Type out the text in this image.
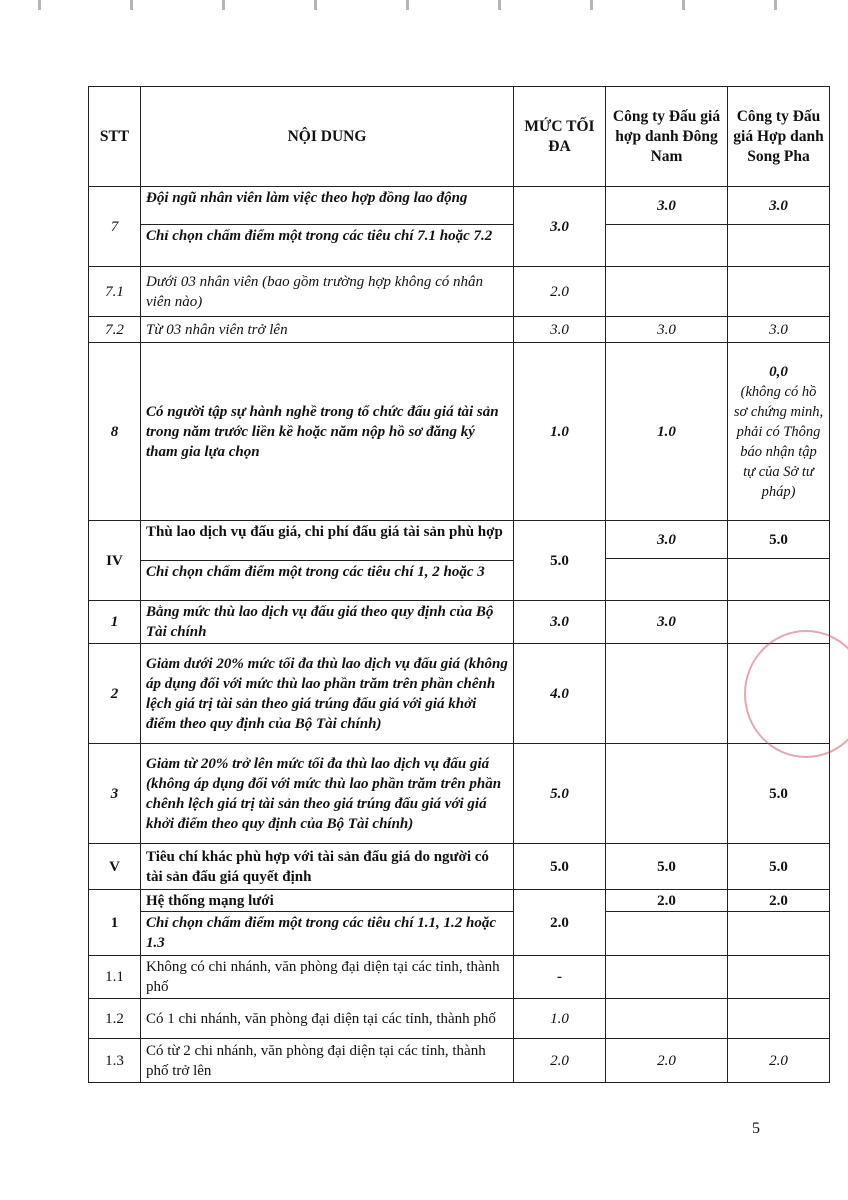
STT	NỘI DUNG	MỨC TỐI ĐA	Công ty Đấu giá hợp danh Đông Nam	Công ty Đấu giá Hợp danh Song Pha
7	Đội ngũ nhân viên làm việc theo hợp đồng lao động
Chỉ chọn chấm điểm một trong các tiêu chí 7.1 hoặc 7.2	3.0	3.0	3.0

7.1	Dưới 03 nhân viên (bao gồm trường hợp không có nhân viên nào)	2.0		
7.2	Từ 03 nhân viên trở lên	3.0	3.0	3.0
8	Có người tập sự hành nghề trong tổ chức đấu giá tài sản trong năm trước liền kề hoặc năm nộp hồ sơ đăng ký tham gia lựa chọn	1.0	1.0	0,0
(không có hồ sơ chứng minh, phải có Thông báo nhận tập tự của Sở tư pháp)

IV	Thù lao dịch vụ đấu giá, chi phí đấu giá tài sản phù hợp
Chỉ chọn chấm điểm một trong các tiêu chí 1, 2 hoặc 3	5.0	3.0	5.0

1	Bằng mức thù lao dịch vụ đấu giá theo quy định của Bộ Tài chính	3.0	3.0	
2	Giảm dưới 20% mức tối đa thù lao dịch vụ đấu giá (không áp dụng đối với mức thù lao phần trăm trên phần chênh lệch giá trị tài sản theo giá trúng đấu giá với giá khởi điểm theo quy định của Bộ Tài chính)	4.0		
3	Giảm từ 20% trở lên mức tối đa thù lao dịch vụ đấu giá (không áp dụng đối với mức thù lao phần trăm trên phần chênh lệch giá trị tài sản theo giá trúng đấu giá với giá khởi điểm theo quy định của Bộ Tài chính)	5.0		5.0
V	Tiêu chí khác phù hợp với tài sản đấu giá do người có tài sản đấu giá quyết định	5.0	5.0	5.0
1	Hệ thống mạng lưới
Chỉ chọn chấm điểm một trong các tiêu chí 1.1, 1.2 hoặc 1.3	2.0	2.0	2.0

1.1	Không có chi nhánh, văn phòng đại diện tại các tỉnh, thành phố	-		
1.2	Có 1 chi nhánh, văn phòng đại diện tại các tỉnh, thành phố	1.0		
1.3	Có từ 2 chi nhánh, văn phòng đại diện tại các tỉnh, thành phố trở lên	2.0	2.0	2.0
5
